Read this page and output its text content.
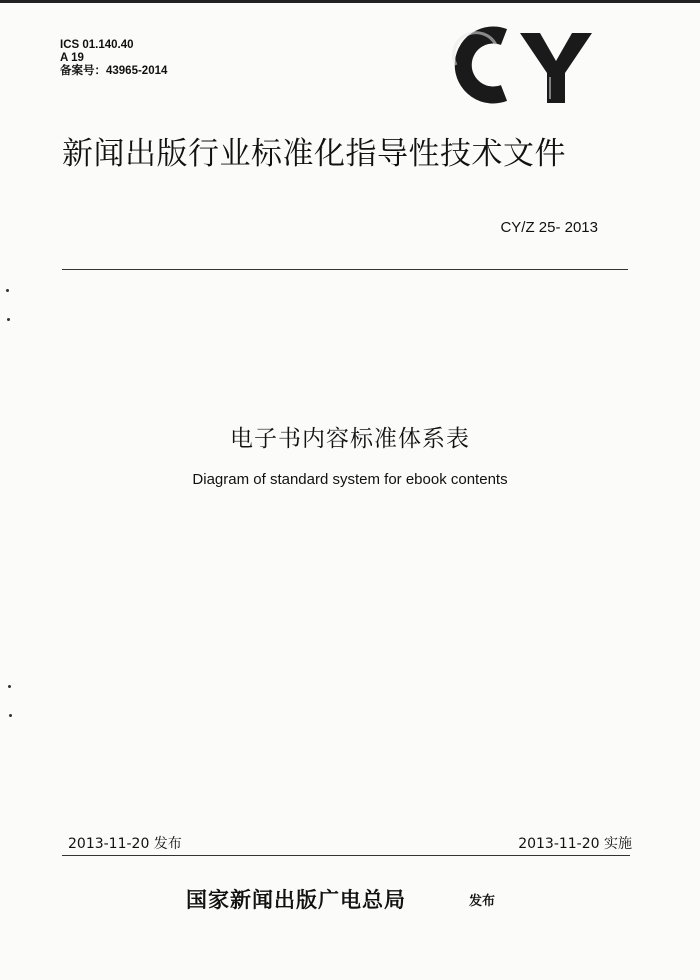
ICS 01.140.40
A 19
备案号：43965-2014
新闻出版行业标准化指导性技术文件
CY/Z 25- 2013
电子书内容标准体系表
Diagram of standard system for ebook contents
2013-11-20 发布	2013-11-20 实施
国家新闻出版广电总局	发布
